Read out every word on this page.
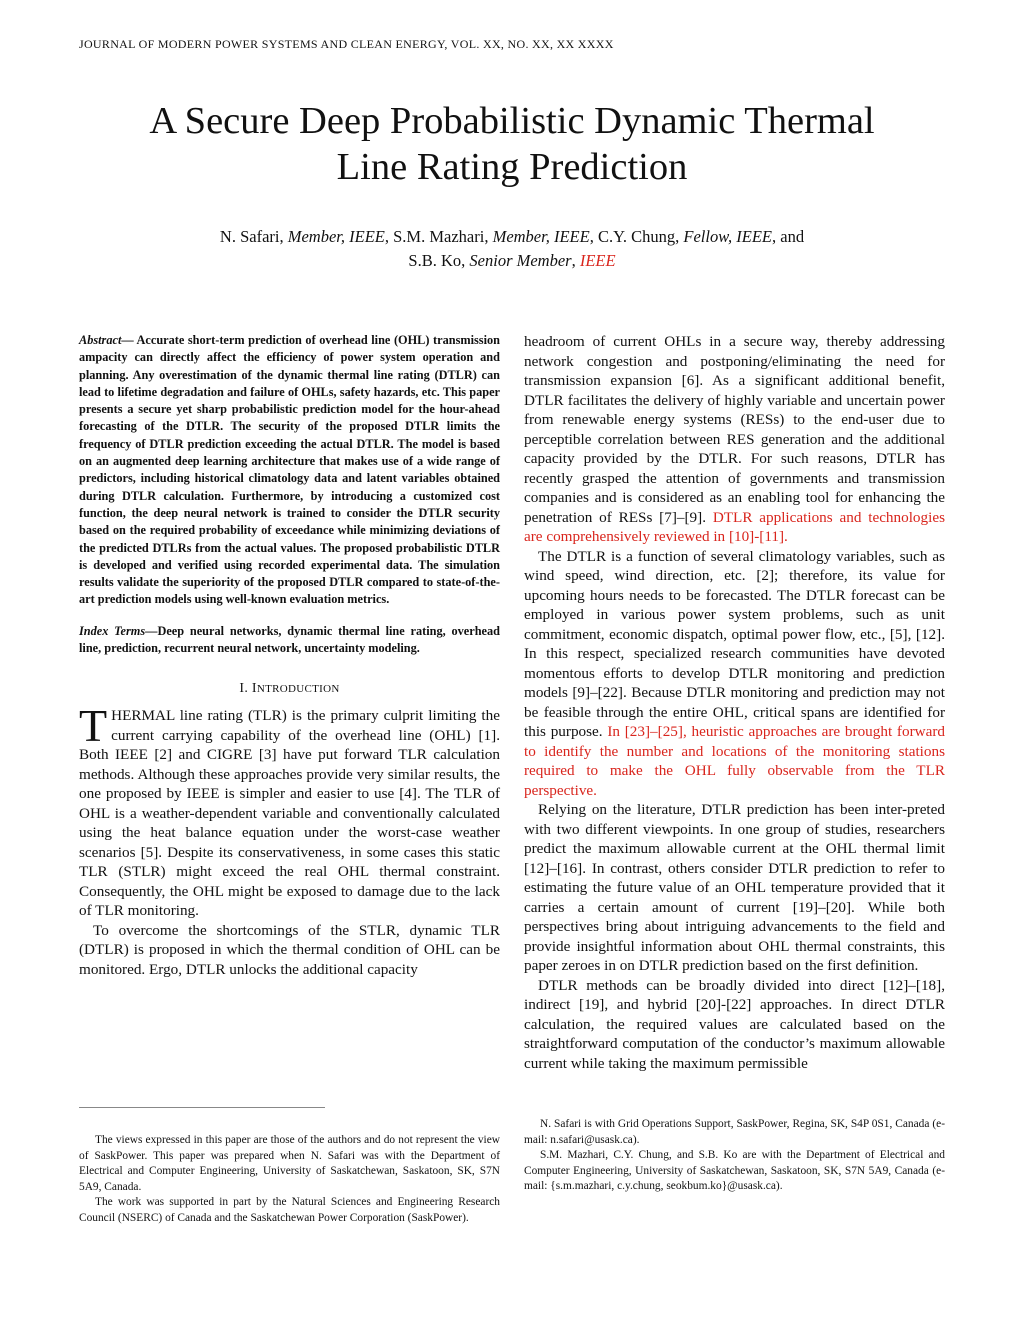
JOURNAL OF MODERN POWER SYSTEMS AND CLEAN ENERGY, VOL. XX, NO. XX, XX XXXX
A Secure Deep Probabilistic Dynamic Thermal
Line Rating Prediction
N. Safari, Member, IEEE, S.M. Mazhari, Member, IEEE, C.Y. Chung, Fellow, IEEE, and
S.B. Ko, Senior Member, IEEE

Abstract— Accurate short-term prediction of overhead line (OHL) transmission ampacity can directly affect the efficiency of power system operation and planning. Any overestimation of the dynamic thermal line rating (DTLR) can lead to lifetime degradation and failure of OHLs, safety hazards, etc. This paper presents a secure yet sharp probabilistic prediction model for the hour-ahead forecasting of the DTLR. The security of the proposed DTLR limits the frequency of DTLR prediction exceeding the actual DTLR. The model is based on an augmented deep learning architecture that makes use of a wide range of predictors, including historical climatology data and latent variables obtained during DTLR calculation. Furthermore, by introducing a customized cost function, the deep neural network is trained to consider the DTLR security based on the required probability of exceedance while minimizing deviations of the predicted DTLRs from the actual values. The proposed probabilistic DTLR is developed and verified using recorded experimental data. The simulation results validate the superiority of the proposed DTLR compared to state-of-the-art prediction models using well-known evaluation metrics.

Index Terms—Deep neural networks, dynamic thermal line rating, overhead line, prediction, recurrent neural network, uncertainty modeling.

I. INTRODUCTION

THERMAL line rating (TLR) is the primary culprit limiting the current carrying capability of the overhead line (OHL) [1]. Both IEEE [2] and CIGRE [3] have put forward TLR calculation methods. Although these approaches provide very similar results, the one proposed by IEEE is simpler and easier to use [4]. The TLR of OHL is a weather-dependent variable and conventionally calculated using the heat balance equation under the worst-case weather scenarios [5]. Despite its conservativeness, in some cases this static TLR (STLR) might exceed the real OHL thermal constraint. Consequently, the OHL might be exposed to damage due to the lack of TLR monitoring.

To overcome the shortcomings of the STLR, dynamic TLR (DTLR) is proposed in which the thermal condition of OHL can be monitored. Ergo, DTLR unlocks the additional capacity

headroom of current OHLs in a secure way, thereby addressing network congestion and postponing/eliminating the need for transmission expansion [6]. As a significant additional benefit, DTLR facilitates the delivery of highly variable and uncertain power from renewable energy systems (RESs) to the end-user due to perceptible correlation between RES generation and the additional capacity provided by the DTLR. For such reasons, DTLR has recently grasped the attention of governments and transmission companies and is considered as an enabling tool for enhancing the penetration of RESs [7]–[9]. DTLR applications and technologies are comprehensively reviewed in [10]-[11].

The DTLR is a function of several climatology variables, such as wind speed, wind direction, etc. [2]; therefore, its value for upcoming hours needs to be forecasted. The DTLR forecast can be employed in various power system problems, such as unit commitment, economic dispatch, optimal power flow, etc., [5], [12]. In this respect, specialized research communities have devoted momentous efforts to develop DTLR monitoring and prediction models [9]–[22]. Because DTLR monitoring and prediction may not be feasible through the entire OHL, critical spans are identified for this purpose. In [23]–[25], heuristic approaches are brought forward to identify the number and locations of the monitoring stations required to make the OHL fully observable from the TLR perspective.

Relying on the literature, DTLR prediction has been inter-preted with two different viewpoints. In one group of studies, researchers predict the maximum allowable current at the OHL thermal limit [12]–[16]. In contrast, others consider DTLR prediction to refer to estimating the future value of an OHL temperature provided that it carries a certain amount of current [19]–[20]. While both perspectives bring about intriguing advancements to the field and provide insightful information about OHL thermal constraints, this paper zeroes in on DTLR prediction based on the first definition.

DTLR methods can be broadly divided into direct [12]–[18], indirect [19], and hybrid [20]-[22] approaches. In direct DTLR calculation, the required values are calculated based on the straightforward computation of the conductor’s maximum allowable current while taking the maximum permissible

The views expressed in this paper are those of the authors and do not represent the view of SaskPower. This paper was prepared when N. Safari was with the Department of Electrical and Computer Engineering, University of Saskatchewan, Saskatoon, SK, S7N 5A9, Canada.

The work was supported in part by the Natural Sciences and Engineering Research Council (NSERC) of Canada and the Saskatchewan Power Corporation (SaskPower).

N. Safari is with Grid Operations Support, SaskPower, Regina, SK, S4P 0S1, Canada (e-mail: n.safari@usask.ca).

S.M. Mazhari, C.Y. Chung, and S.B. Ko are with the Department of Electrical and Computer Engineering, University of Saskatchewan, Saskatoon, SK, S7N 5A9, Canada (e-mail: {s.m.mazhari, c.y.chung, seokbum.ko}@usask.ca).
